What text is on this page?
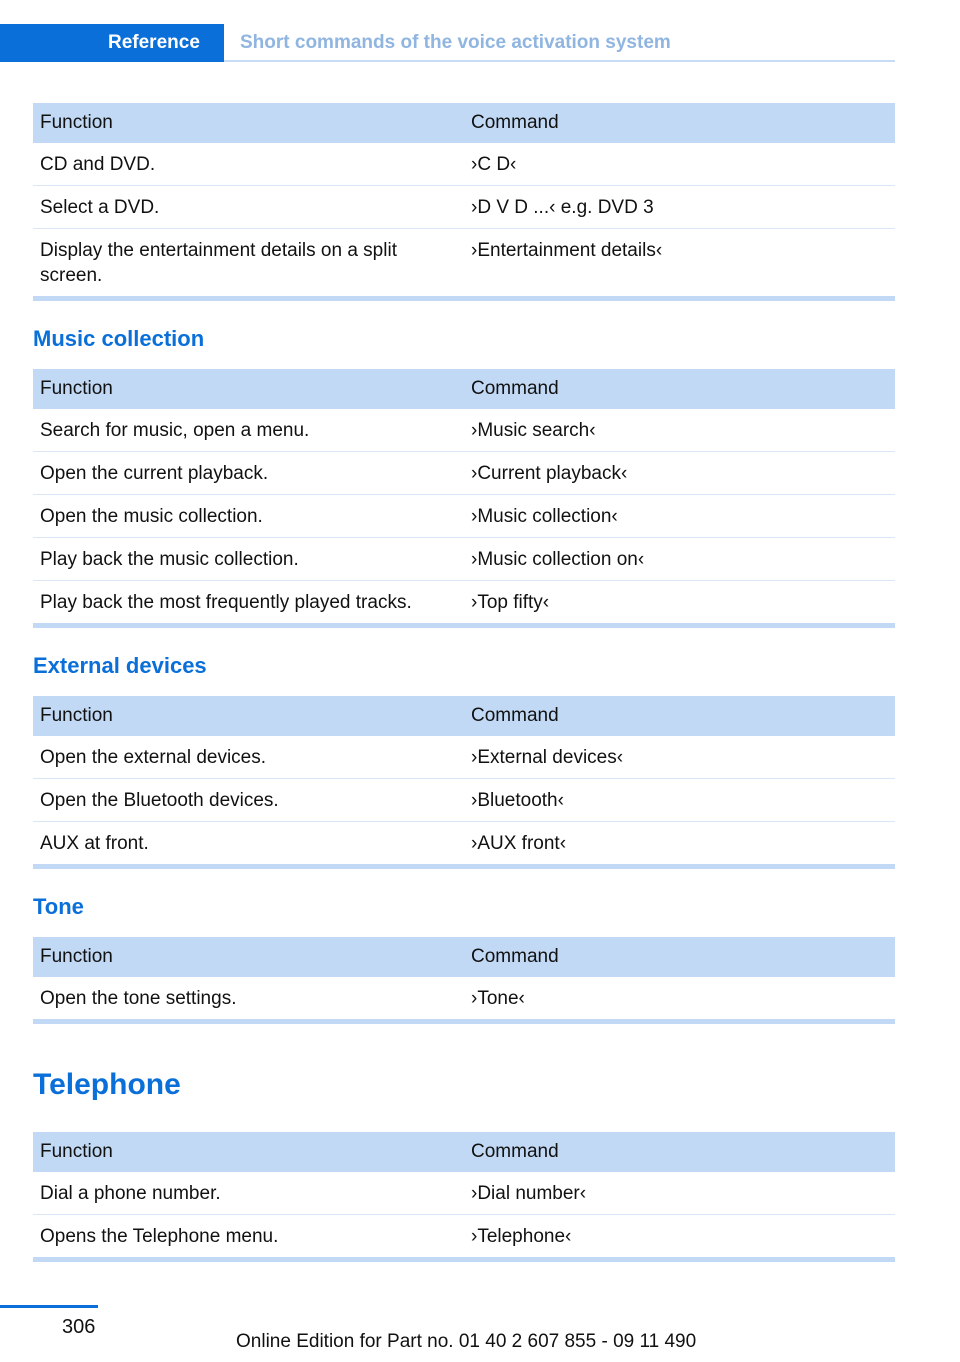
Reference	Short commands of the voice activation system
Function	Command
CD and DVD.	›C D‹
Select a DVD.	›D V D ...‹ e.g. DVD 3
Display the entertainment details on a split screen.	›Entertainment details‹
Music collection
Function	Command
Search for music, open a menu.	›Music search‹
Open the current playback.	›Current playback‹
Open the music collection.	›Music collection‹
Play back the music collection.	›Music collection on‹
Play back the most frequently played tracks.	›Top fifty‹
External devices
Function	Command
Open the external devices.	›External devices‹
Open the Bluetooth devices.	›Bluetooth‹
AUX at front.	›AUX front‹
Tone
Function	Command
Open the tone settings.	›Tone‹
Telephone
Function	Command
Dial a phone number.	›Dial number‹
Opens the Telephone menu.	›Telephone‹
306
Online Edition for Part no. 01 40 2 607 855 - 09 11 490
